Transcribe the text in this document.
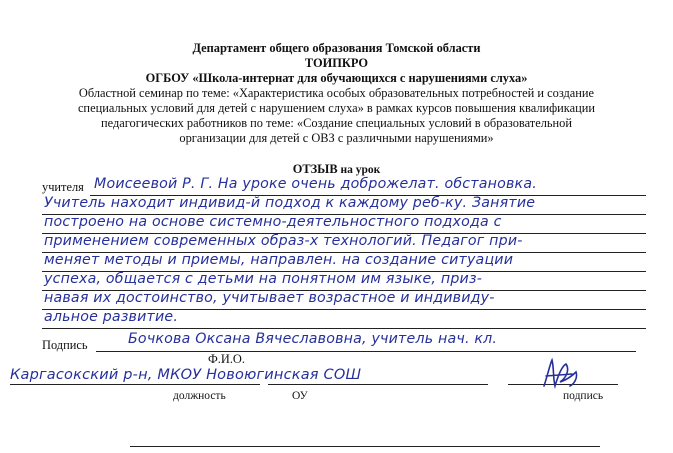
Департамент общего образования Томской области
ТОИПКРО
ОГБОУ «Школа-интернат для обучающихся с нарушениями слуха»
Областной семинар по теме: «Характеристика особых образовательных потребностей и создание
специальных условий для детей с нарушением слуха» в рамках курсов повышения квалификации
педагогических работников по теме: «Создание специальных условий в образовательной
организации для детей с ОВЗ с различными нарушениями»
ОТЗЫВ на урок
учителя Моисеевой Р. Г. На уроке очень доброжелат. обстановка.
Учитель находит индивид-й подход к каждому реб-ку. Занятие
построено на основе системно-деятельностного подхода с
применением современных образ-х технологий. Педагог при-
меняет методы и приемы, направлен. на создание ситуации
успеха, общается с детьми на понятном им языке, приз-
навая их достоинство, учитывает возрастное и индивиду-
альное развитие.
Подпись	Бочкова Оксана Вячеславовна, учитель нач. кл.
Ф.И.О.
Каргасокский р-н, МКОУ Новоюгинская СОШ
должность	ОУ	подпись
